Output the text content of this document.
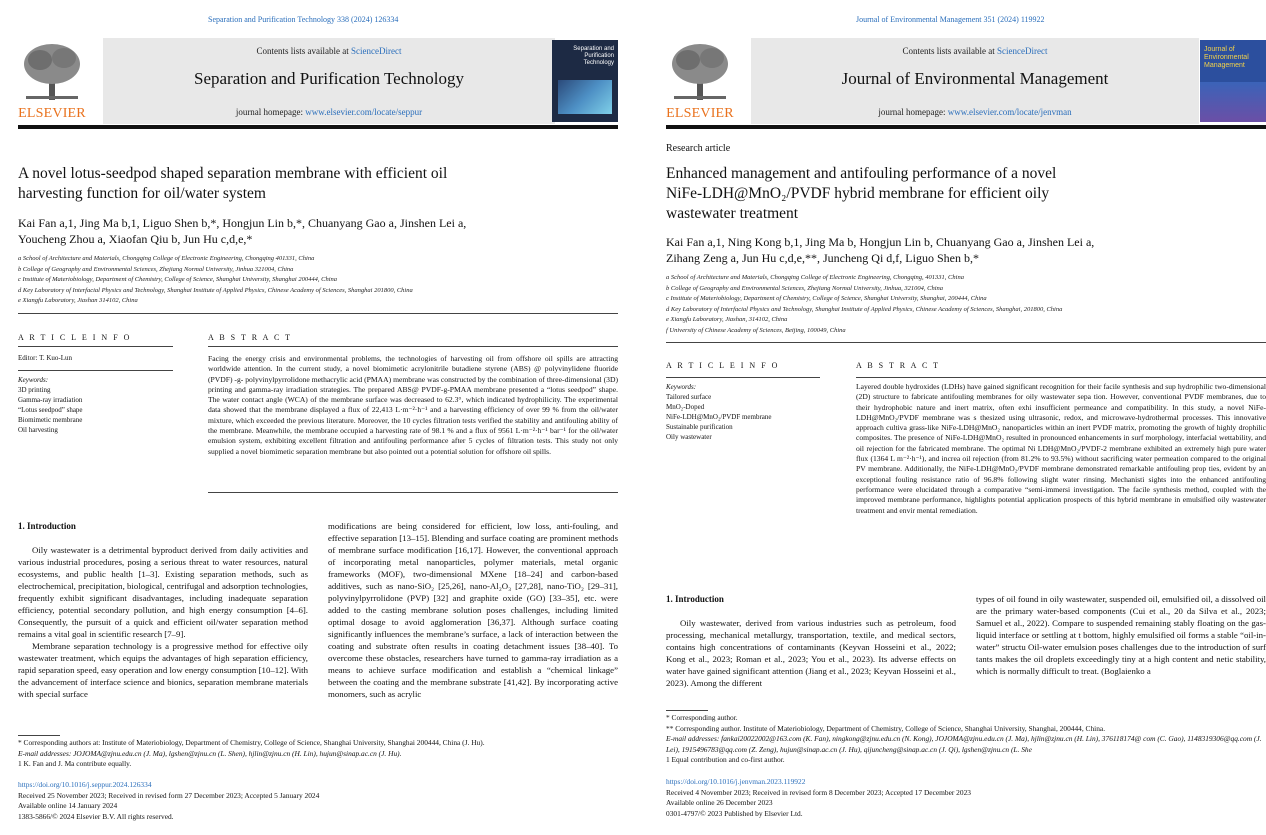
Separation and Purification Technology 338 (2024) 126334
ELSEVIER
Contents lists available at ScienceDirect
Separation and Purification Technology
journal homepage: www.elsevier.com/locate/seppur
Separation and Purification Technology
A novel lotus-seedpod shaped separation membrane with efficient oil
harvesting function for oil/water system
Kai Fan a,1, Jing Ma b,1, Liguo Shen b,*, Hongjun Lin b,*, Chuanyang Gao a, Jinshen Lei a,
Youcheng Zhou a, Xiaofan Qiu b, Jun Hu c,d,e,*
a School of Architecture and Materials, Chongqing College of Electronic Engineering, Chongqing 401331, China
b College of Geography and Environmental Sciences, Zhejiang Normal University, Jinhua 321004, China
c Institute of Materiobiology, Department of Chemistry, College of Science, Shanghai University, Shanghai 200444, China
d Key Laboratory of Interfacial Physics and Technology, Shanghai Institute of Applied Physics, Chinese Academy of Sciences, Shanghai 201800, China
e Xiangfu Laboratory, Jiashan 314102, China
A R T I C L E I N F O	A B S T R A C T
Editor: T. Kuo-Lun
Keywords:
3D printing
Gamma-ray irradiation
“Lotus seedpod” shape
Biomimetic membrane
Oil harvesting
Facing the energy crisis and environmental problems, the technologies of harvesting oil from offshore oil spills are attracting worldwide attention. In the current study, a novel biomimetic acrylonitrile butadiene styrene (ABS) @ polyvinylidene fluoride (PVDF) -g- polyvinylpyrrolidone methacrylic acid (PMAA) membrane was constructed by the combination of three-dimensional (3D) printing and gamma-ray irradiation strategies. The prepared ABS@ PVDF-g-PMAA membrane presented a “lotus seedpod” shape. The water contact angle (WCA) of the membrane surface was decreased to 62.3°, which indicated hydrophilicity. The experimental data showed that the membrane displayed a flux of 22,413 L·m⁻²·h⁻¹ and a harvesting efficiency of over 99 % from the oil/water mixture, which exceeded the previous literature. Moreover, the 10 cycles filtration tests verified the stability and antifouling ability of the membrane. Meanwhile, the membrane occupied a harvesting rate of 98.1 % and a flux of 9561 L·m⁻²·h⁻¹ bar⁻¹ for the oil/water emulsion system, exhibiting excellent filtration and antifouling performance after 5 cycles of filtration tests. This study not only supplied a novel biomimetic separation membrane but also pointed out a potential solution for offshore oil spills.
1. Introduction

Oily wastewater is a detrimental byproduct derived from daily activities and various industrial procedures, posing a serious threat to water resources, natural ecosystems, and public health [1–3]. Existing separation methods, such as electrochemical, precipitation, biological, centrifugal and adsorption technologies, frequently exhibit significant disadvantages, including inadequate separation efficiency, potential secondary pollution, and high energy consumption [4–6]. Consequently, the pursuit of a quick and efficient oil/water separation method remains a vital goal in scientific research [7–9].

Membrane separation technology is a progressive method for effective oily wastewater treatment, which equips the advantages of high separation efficiency, rapid separation speed, easy operation and low energy consumption [10–12]. With the advancement of interface science and bionics, separation membrane materials with special surface

modifications are being considered for efficient, low loss, anti-fouling, and effective separation [13–15]. Blending and surface coating are prominent methods of membrane surface modification [16,17]. However, the conventional approach of incorporating metal nanoparticles, polymer materials, metal organic frameworks (MOF), two-dimensional MXene [18–24] and carbon-based additives, such as nano-SiO₂ [25,26], nano-Al₂O₃ [27,28], nano-TiO₂ [29–31], polyvinylpyrrolidone (PVP) [32] and graphite oxide (GO) [33–35], etc. were added to the casting membrane solution poses challenges, including limited optimal dosage to avoid agglomeration [36,37]. Although surface coating significantly influences the membrane’s surface, a lack of interaction between the coating and substrate often results in coating detachment issues [38–40]. To overcome these obstacles, researchers have turned to gamma-ray irradiation as a means to achieve surface modification and establish a “chemical linkage” between the coating and the membrane substrate [41,42]. By incorporating active monomers, such as acrylic

* Corresponding authors at: Institute of Materiobiology, Department of Chemistry, College of Science, Shanghai University, Shanghai 200444, China (J. Hu).
E-mail addresses: JOJOMA@zjnu.edu.cn (J. Ma), lgshen@zjnu.cn (L. Shen), hjlin@zjnu.cn (H. Lin), hujun@sinap.ac.cn (J. Hu).
1 K. Fan and J. Ma contribute equally.
https://doi.org/10.1016/j.seppur.2024.126334
Received 25 November 2023; Received in revised form 27 December 2023; Accepted 5 January 2024
Available online 14 January 2024
1383-5866/© 2024 Elsevier B.V. All rights reserved.
Journal of Environmental Management 351 (2024) 119922
ELSEVIER
Contents lists available at ScienceDirect
Journal of Environmental Management
journal homepage: www.elsevier.com/locate/jenvman
Journal of Environmental Management
Research article
Enhanced management and antifouling performance of a novel
NiFe-LDH@MnO₂/PVDF hybrid membrane for efficient oily
wastewater treatment
Kai Fan a,1, Ning Kong b,1, Jing Ma b, Hongjun Lin b, Chuanyang Gao a, Jinshen Lei a,
Zihang Zeng a, Jun Hu c,d,e,**, Juncheng Qi d,f, Liguo Shen b,*
a School of Architecture and Materials, Chongqing College of Electronic Engineering, Chongqing, 401331, China
b College of Geography and Environmental Sciences, Zhejiang Normal University, Jinhua, 321004, China
c Institute of Materiobiology, Department of Chemistry, College of Science, Shanghai University, Shanghai, 200444, China
d Key Laboratory of Interfacial Physics and Technology, Shanghai Institute of Applied Physics, Chinese Academy of Sciences, Shanghai, 201800, China
e Xiangfu Laboratory, Jiashan, 314102, China
f University of Chinese Academy of Sciences, Beijing, 100049, China
A R T I C L E I N F O	A B S T R A C T
Keywords:
Tailored surface
MnO₂-Doped
NiFe-LDH@MnO₂/PVDF membrane
Sustainable purification
Oily wastewater
Layered double hydroxides (LDHs) have gained significant recognition for their facile synthesis and sup hydrophilic two-dimensional (2D) structure to fabricate antifouling membranes for oily wastewater sepa tion. However, conventional PVDF membranes, due to their hydrophobic nature and inert matrix, often exhi insufficient permeance and compatibility. In this study, a novel NiFe-LDH@MnO₂/PVDF membrane was s thesized using ultrasonic, redox, and microwave-hydrothermal processes. This innovative approach cultiva grass-like NiFe-LDH@MnO₂ nanoparticles within an inert PVDF matrix, promoting the growth of highly drophilic composites. The presence of NiFe-LDH@MnO₂ resulted in pronounced enhancements in surf morphology, interfacial wettability, and oil rejection for the fabricated membrane. The optimal Ni LDH@MnO₂/PVDF-2 membrane exhibited an extremely high pure water flux (1364 L m⁻²·h⁻¹), and increa oil rejection (from 81.2% to 93.5%) without sacrificing water permeation compared to the original PV membrane. Additionally, the NiFe-LDH@MnO₂/PVDF membrane demonstrated remarkable antifouling prop ties, evident by an exceptional fouling resistance ratio of 96.8% following slight water rinsing. Mechanisti sights into the enhanced antifouling performance were elucidated through a comparative “semi-immersi investigation. The facile synthesis method, coupled with the improved membrane performance, highlights potential application prospects of this hybrid membrane in emulsified oily wastewater treatment and envir mental remediation.
1. Introduction

Oily wastewater, derived from various industries such as petroleum, food processing, mechanical metallurgy, transportation, textile, and medical sectors, contains high concentrations of contaminants (Keyvan Hosseini et al., 2022; Kong et al., 2023; Roman et al., 2023; You et al., 2023). Its adverse effects on water have gained significant attention (Jiang et al., 2023; Keyvan Hosseini et al., 2023). Among the different

types of oil found in oily wastewater, suspended oil, emulsified oil, a dissolved oil are the primary water-based components (Cui et al., 20 da Silva et al., 2023; Samuel et al., 2022). Compare to suspended remaining stably floating on the gas-liquid interface or settling at t bottom, highly emulsified oil forms a stable “oil-in-water” structu Oil-water emulsion poses challenges due to the introduction of surf tants makes the oil droplets exceedingly tiny at a high content and netic stability, which is normally difficult to treat. (Boglaienko a

* Corresponding author.
** Corresponding author. Institute of Materiobiology, Department of Chemistry, College of Science, Shanghai University, Shanghai, 200444, China.
E-mail addresses: fankai20022002@163.com (K. Fan), ningkong@zjnu.edu.cn (N. Kong), JOJOMA@zjnu.edu.cn (J. Ma), hjlin@zjnu.cn (H. Lin), 376118174@ com (C. Gao), 1148319306@qq.com (J. Lei), 1915496783@qq.com (Z. Zeng), hujun@sinap.ac.cn (J. Hu), qijuncheng@sinap.ac.cn (J. Qi), lgshen@zjnu.cn (L. She
1 Equal contribution and co-first author.
https://doi.org/10.1016/j.jenvman.2023.119922
Received 4 November 2023; Received in revised form 8 December 2023; Accepted 17 December 2023
Available online 26 December 2023
0301-4797/© 2023 Published by Elsevier Ltd.
